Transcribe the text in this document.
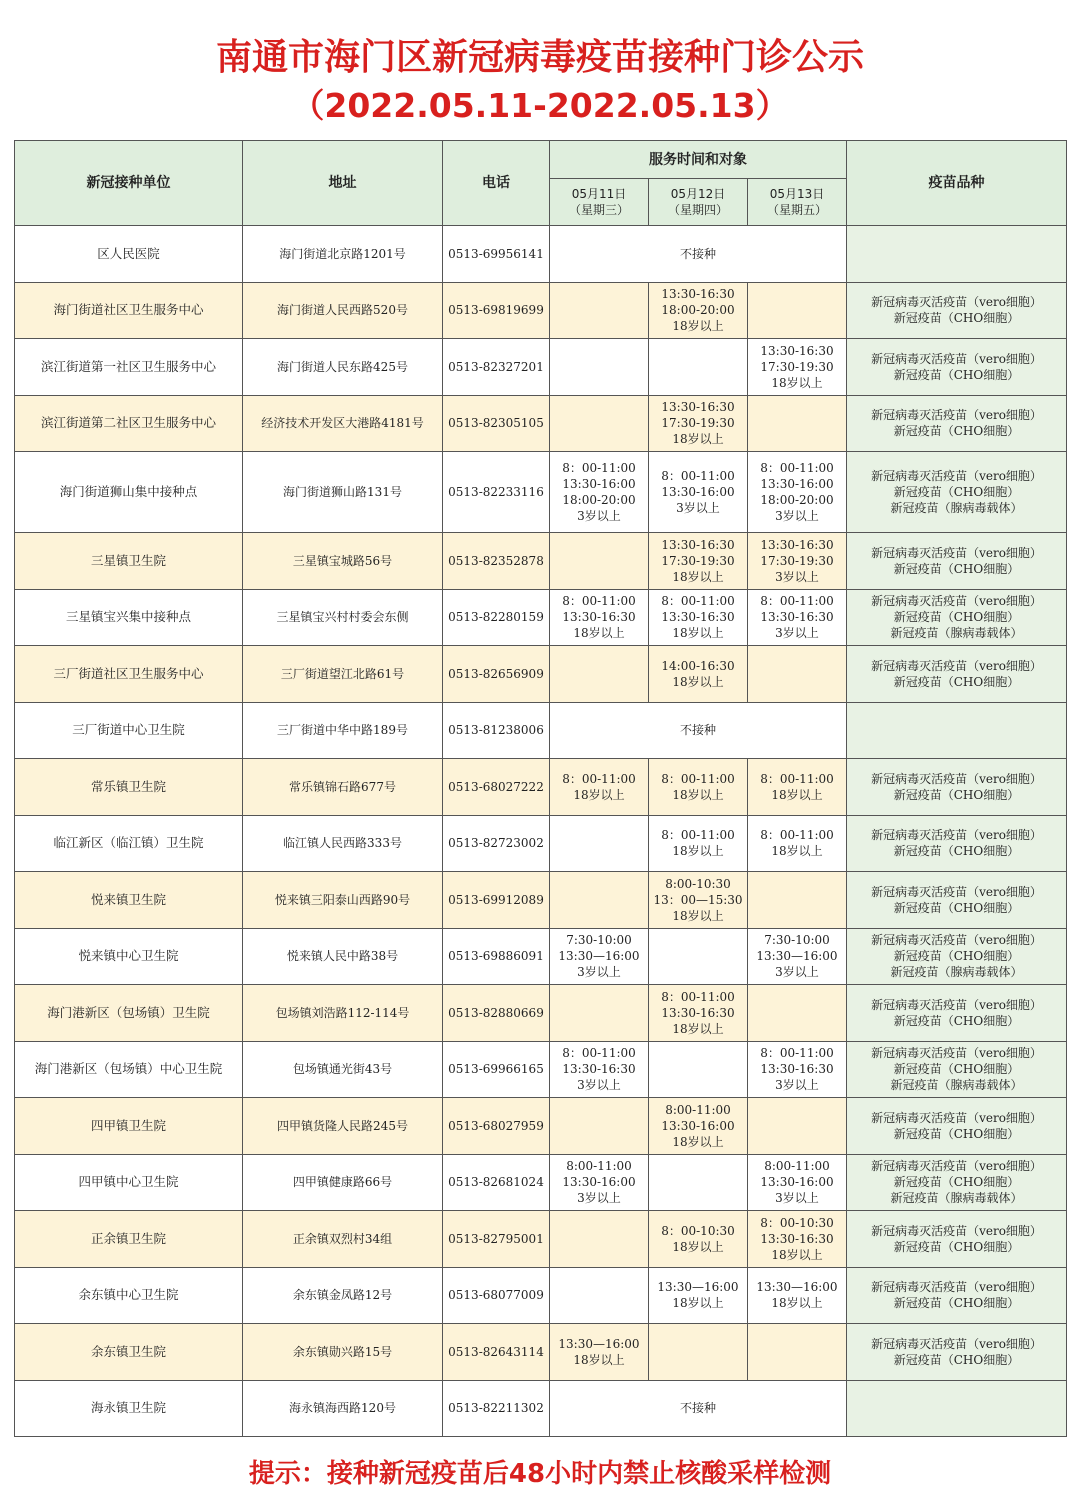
南通市海门区新冠病毒疫苗接种门诊公示
（2022.05.11-2022.05.13）
新冠接种单位	地址	电话	服务时间和对象			疫苗品种
			05月11日
（星期三）	05月12日
（星期四）	05月13日
（星期五）	
区人民医院	海门街道北京路1201号	0513-69956141	不接种			
海门街道社区卫生服务中心	海门街道人民西路520号	0513-69819699		13:30-16:30
18:00-20:00
18岁以上		新冠病毒灭活疫苗（vero细胞）
新冠疫苗（CHO细胞）
滨江街道第一社区卫生服务中心	海门街道人民东路425号	0513-82327201			13:30-16:30
17:30-19:30
18岁以上	新冠病毒灭活疫苗（vero细胞）
新冠疫苗（CHO细胞）
滨江街道第二社区卫生服务中心	经济技术开发区大港路4181号	0513-82305105		13:30-16:30
17:30-19:30
18岁以上		新冠病毒灭活疫苗（vero细胞）
新冠疫苗（CHO细胞）
海门街道狮山集中接种点	海门街道狮山路131号	0513-82233116	8：00-11:00
13:30-16:00
18:00-20:00
3岁以上	8：00-11:00
13:30-16:00
3岁以上	8：00-11:00
13:30-16:00
18:00-20:00
3岁以上	新冠病毒灭活疫苗（vero细胞）
新冠疫苗（CHO细胞）
新冠疫苗（腺病毒载体）
三星镇卫生院	三星镇宝城路56号	0513-82352878		13:30-16:30
17:30-19:30
18岁以上	13:30-16:30
17:30-19:30
3岁以上	新冠病毒灭活疫苗（vero细胞）
新冠疫苗（CHO细胞）
三星镇宝兴集中接种点	三星镇宝兴村村委会东侧	0513-82280159	8：00-11:00
13:30-16:30
18岁以上	8：00-11:00
13:30-16:30
18岁以上	8：00-11:00
13:30-16:30
3岁以上	新冠病毒灭活疫苗（vero细胞）
新冠疫苗（CHO细胞）
新冠疫苗（腺病毒载体）
三厂街道社区卫生服务中心	三厂街道望江北路61号	0513-82656909		14:00-16:30
18岁以上		新冠病毒灭活疫苗（vero细胞）
新冠疫苗（CHO细胞）
三厂街道中心卫生院	三厂街道中华中路189号	0513-81238006	不接种			
常乐镇卫生院	常乐镇锦石路677号	0513-68027222	8：00-11:00
18岁以上	8：00-11:00
18岁以上	8：00-11:00
18岁以上	新冠病毒灭活疫苗（vero细胞）
新冠疫苗（CHO细胞）
临江新区（临江镇）卫生院	临江镇人民西路333号	0513-82723002		8：00-11:00
18岁以上	8：00-11:00
18岁以上	新冠病毒灭活疫苗（vero细胞）
新冠疫苗（CHO细胞）
悦来镇卫生院	悦来镇三阳泰山西路90号	0513-69912089		8:00-10:30
13：00—15:30
18岁以上		新冠病毒灭活疫苗（vero细胞）
新冠疫苗（CHO细胞）
悦来镇中心卫生院	悦来镇人民中路38号	0513-69886091	7:30-10:00
13:30—16:00
3岁以上		7:30-10:00
13:30—16:00
3岁以上	新冠病毒灭活疫苗（vero细胞）
新冠疫苗（CHO细胞）
新冠疫苗（腺病毒载体）
海门港新区（包场镇）卫生院	包场镇刘浩路112-114号	0513-82880669		8：00-11:00
13:30-16:30
18岁以上		新冠病毒灭活疫苗（vero细胞）
新冠疫苗（CHO细胞）
海门港新区（包场镇）中心卫生院	包场镇通光街43号	0513-69966165	8：00-11:00
13:30-16:30
3岁以上		8：00-11:00
13:30-16:30
3岁以上	新冠病毒灭活疫苗（vero细胞）
新冠疫苗（CHO细胞）
新冠疫苗（腺病毒载体）
四甲镇卫生院	四甲镇货隆人民路245号	0513-68027959		8:00-11:00
13:30-16:00
18岁以上		新冠病毒灭活疫苗（vero细胞）
新冠疫苗（CHO细胞）
四甲镇中心卫生院	四甲镇健康路66号	0513-82681024	8:00-11:00
13:30-16:00
3岁以上		8:00-11:00
13:30-16:00
3岁以上	新冠病毒灭活疫苗（vero细胞）
新冠疫苗（CHO细胞）
新冠疫苗（腺病毒载体）
正余镇卫生院	正余镇双烈村34组	0513-82795001		8：00-10:30
18岁以上	8：00-10:30
13:30-16:30
18岁以上	新冠病毒灭活疫苗（vero细胞）
新冠疫苗（CHO细胞）
余东镇中心卫生院	余东镇金凤路12号	0513-68077009		13:30—16:00
18岁以上	13:30—16:00
18岁以上	新冠病毒灭活疫苗（vero细胞）
新冠疫苗（CHO细胞）
余东镇卫生院	余东镇勋兴路15号	0513-82643114	13:30—16:00
18岁以上			新冠病毒灭活疫苗（vero细胞）
新冠疫苗（CHO细胞）
海永镇卫生院	海永镇海西路120号	0513-82211302	不接种			
提示：接种新冠疫苗后48小时内禁止核酸采样检测
